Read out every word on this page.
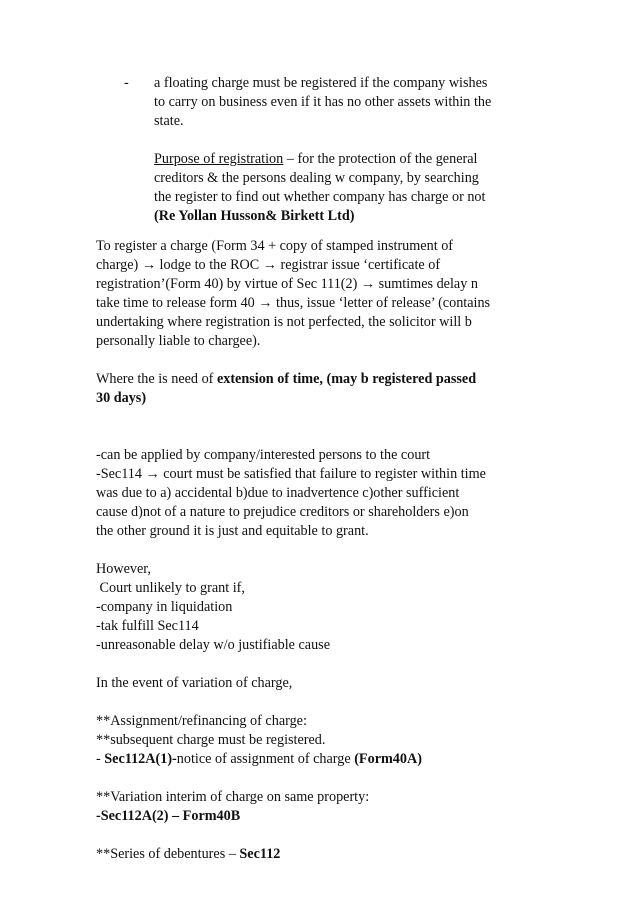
- a floating charge must be registered if the company wishes
to carry on business even if it has no other assets within the
state.
Purpose of registration – for the protection of the general
creditors & the persons dealing w company, by searching
the register to find out whether company has charge or not
(Re Yollan Husson& Birkett Ltd)

To register a charge (Form 34 + copy of stamped instrument of

charge) → lodge to the ROC → registrar issue ‘certificate of

registration’(Form 40) by virtue of Sec 111(2) → sumtimes delay n

take time to release form 40 → thus, issue ‘letter of release’ (contains

undertaking where registration is not perfected, the solicitor will b

personally liable to chargee).

Where the is need of extension of time, (may b registered passed

30 days)

-can be applied by company/interested persons to the court

-Sec114 → court must be satisfied that failure to register within time

was due to a) accidental b)due to inadvertence c)other sufficient

cause d)not of a nature to prejudice creditors or shareholders e)on

the other ground it is just and equitable to grant.

However,

Court unlikely to grant if,

-company in liquidation

-tak fulfill Sec114

-unreasonable delay w/o justifiable cause

In the event of variation of charge,

**Assignment/refinancing of charge:

**subsequent charge must be registered.

- Sec112A(1)-notice of assignment of charge (Form40A)

**Variation interim of charge on same property:

-Sec112A(2) – Form40B

**Series of debentures – Sec112
